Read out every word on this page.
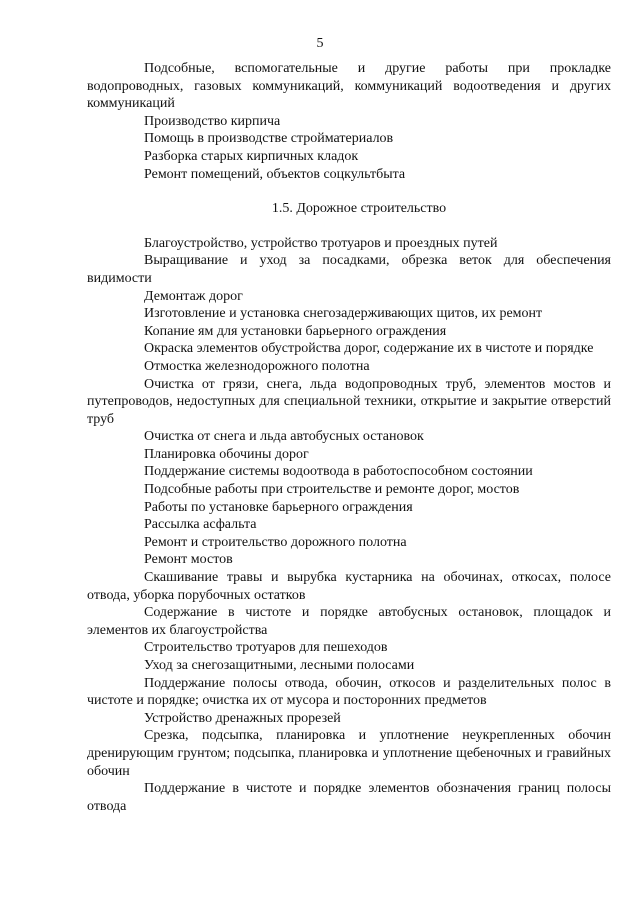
5

Подсобные, вспомогательные и другие работы при прокладке водопроводных, газовых коммуникаций, коммуникаций водоотведения и других коммуникаций

Производство кирпича

Помощь в производстве стройматериалов

Разборка старых кирпичных кладок

Ремонт помещений, объектов соцкультбыта

1.5. Дорожное строительство

Благоустройство, устройство тротуаров и проездных путей

Выращивание и уход за посадками, обрезка веток для обеспечения видимости

Демонтаж дорог

Изготовление и установка снегозадерживающих щитов, их ремонт

Копание ям для установки барьерного ограждения

Окраска элементов обустройства дорог, содержание их в чистоте и порядке

Отмостка железнодорожного полотна

Очистка от грязи, снега, льда водопроводных труб, элементов мостов и путепроводов, недоступных для специальной техники, открытие и закрытие отверстий труб

Очистка от снега и льда автобусных остановок

Планировка обочины дорог

Поддержание системы водоотвода в работоспособном состоянии

Подсобные работы при строительстве и ремонте дорог, мостов

Работы по установке барьерного ограждения

Рассылка асфальта

Ремонт и строительство дорожного полотна

Ремонт мостов

Скашивание травы и вырубка кустарника на обочинах, откосах, полосе отвода, уборка порубочных остатков

Содержание в чистоте и порядке автобусных остановок, площадок и элементов их благоустройства

Строительство тротуаров для пешеходов

Уход за снегозащитными, лесными полосами

Поддержание полосы отвода, обочин, откосов и разделительных полос в чистоте и порядке; очистка их от мусора и посторонних предметов

Устройство дренажных прорезей

Срезка, подсыпка, планировка и уплотнение неукрепленных обочин дренирующим грунтом; подсыпка, планировка и уплотнение щебеночных и гравийных обочин

Поддержание в чистоте и порядке элементов обозначения границ полосы отвода
